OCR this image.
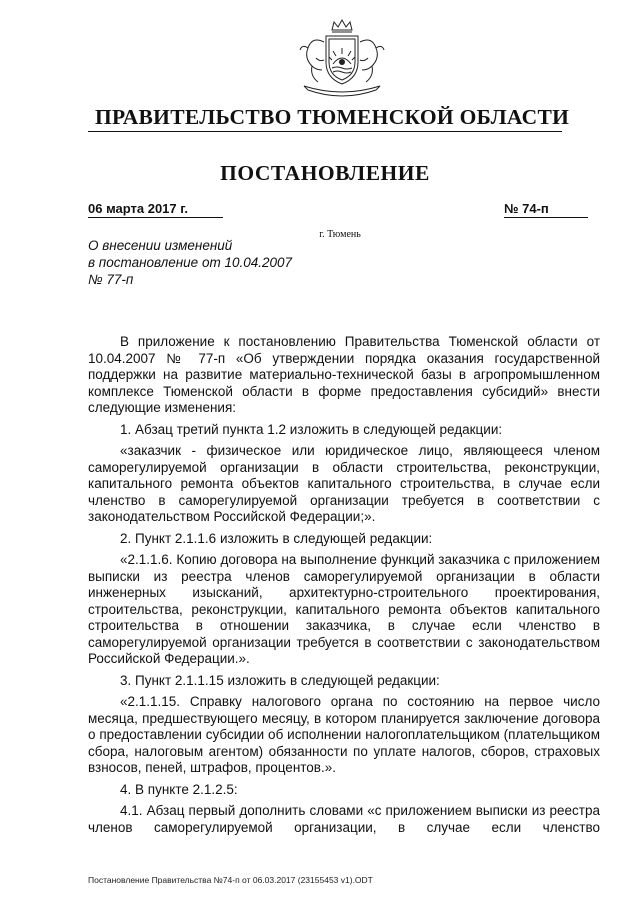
ПРАВИТЕЛЬСТВО ТЮМЕНСКОЙ ОБЛАСТИ
ПОСТАНОВЛЕНИЕ
06 марта 2017 г.	№ 74-п
г. Тюмень
О внесении изменений
в постановление от 10.04.2007
№ 77-п

В приложение к постановлению Правительства Тюменской области от 10.04.2007 № 77-п «Об утверждении порядка оказания государственной поддержки на развитие материально-технической базы в агропромышленном комплексе Тюменской области в форме предоставления субсидий» внести следующие изменения:

1. Абзац третий пункта 1.2 изложить в следующей редакции:

«заказчик - физическое или юридическое лицо, являющееся членом саморегулируемой организации в области строительства, реконструкции, капитального ремонта объектов капитального строительства, в случае если членство в саморегулируемой организации требуется в соответствии с законодательством Российской Федерации;».

2. Пункт 2.1.1.6 изложить в следующей редакции:

«2.1.1.6. Копию договора на выполнение функций заказчика с приложением выписки из реестра членов саморегулируемой организации в области инженерных изысканий, архитектурно-строительного проектирования, строительства, реконструкции, капитального ремонта объектов капитального строительства в отношении заказчика, в случае если членство в саморегулируемой организации требуется в соответствии с законодательством Российской Федерации.».

3. Пункт 2.1.1.15 изложить в следующей редакции:

«2.1.1.15. Справку налогового органа по состоянию на первое число месяца, предшествующего месяцу, в котором планируется заключение договора о предоставлении субсидии об исполнении налогоплательщиком (плательщиком сбора, налоговым агентом) обязанности по уплате налогов, сборов, страховых взносов, пеней, штрафов, процентов.».

4. В пункте 2.1.2.5:

4.1. Абзац первый дополнить словами «с приложением выписки из реестра членов саморегулируемой организации, в случае если членство

Постановление Правительства №74-п от 06.03.2017 (23155453 v1).ODT
